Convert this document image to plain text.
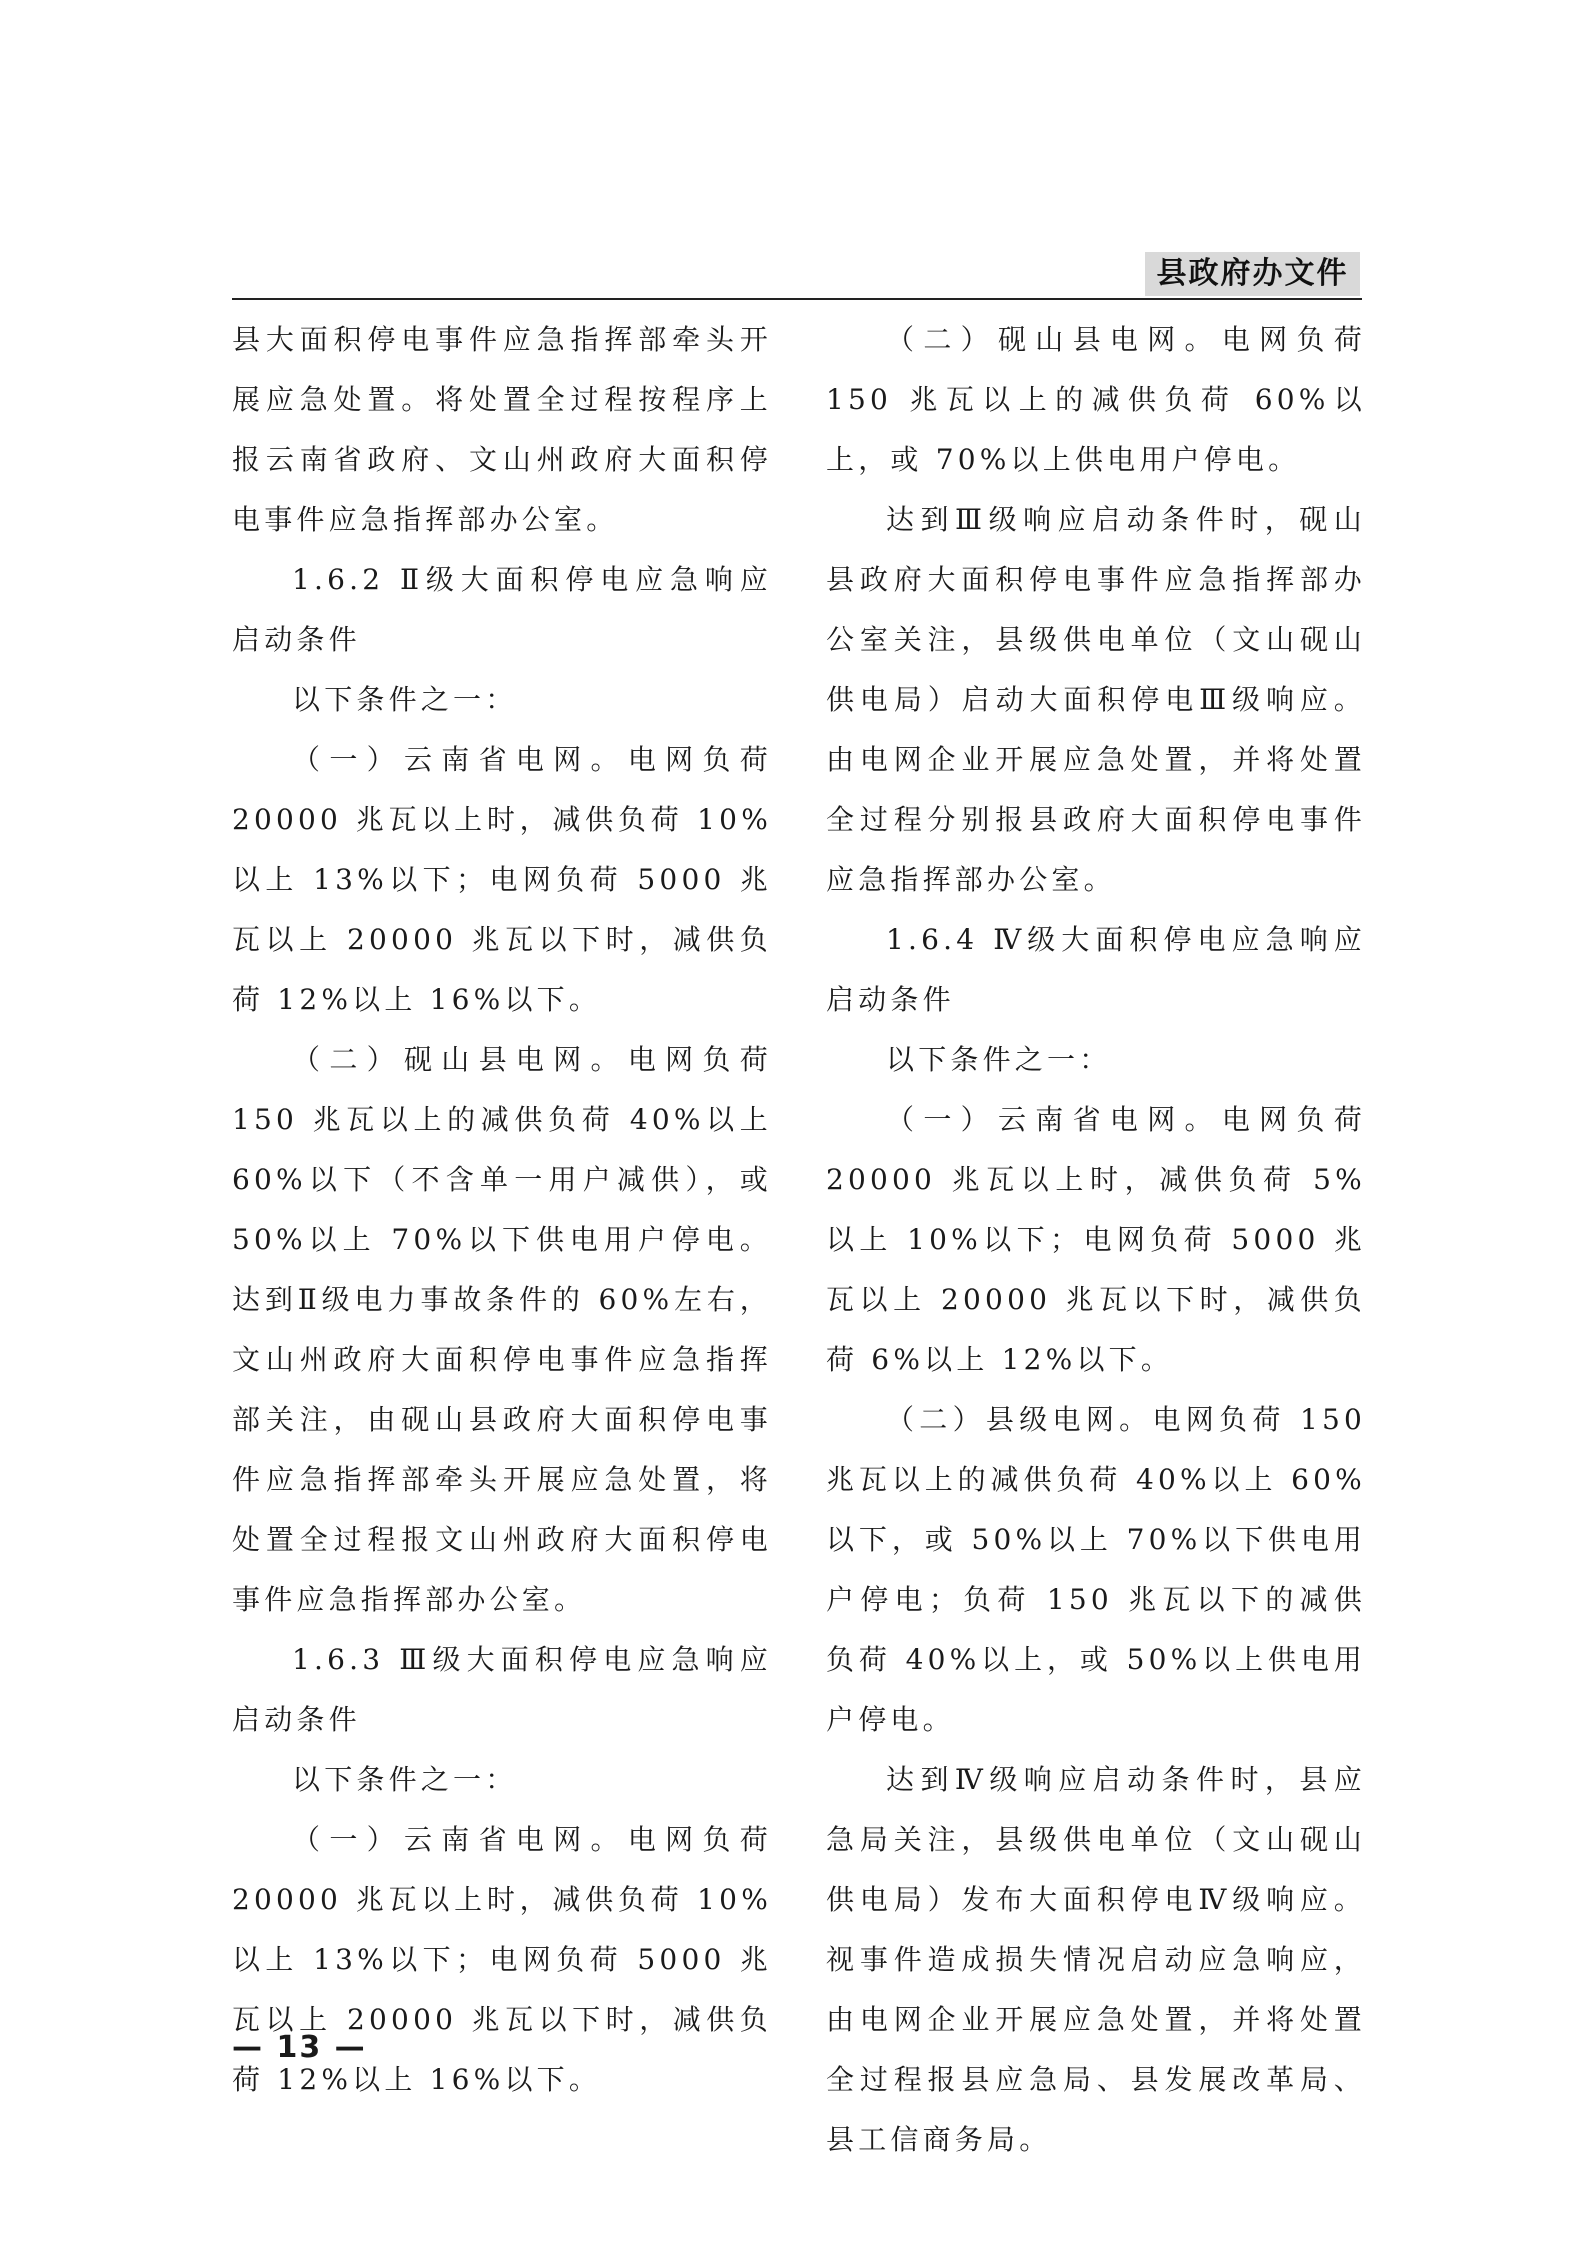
县政府办文件

县大面积停电事件应急指挥部牵头开展应急处置。将处置全过程按程序上报云南省政府、文山州政府大面积停电事件应急指挥部办公室。

1.6.2 Ⅱ级大面积停电应急响应启动条件

以下条件之一：

（一）云南省电网。电网负荷 20000 兆瓦以上时，减供负荷 10%以上 13%以下；电网负荷 5000 兆瓦以上 20000 兆瓦以下时，减供负荷 12%以上 16%以下。

（二）砚山县电网。电网负荷 150 兆瓦以上的减供负荷 40%以上 60%以下（不含单一用户减供），或 50%以上 70%以下供电用户停电。达到Ⅱ级电力事故条件的 60%左右，文山州政府大面积停电事件应急指挥部关注，由砚山县政府大面积停电事件应急指挥部牵头开展应急处置，将处置全过程报文山州政府大面积停电事件应急指挥部办公室。

1.6.3 Ⅲ级大面积停电应急响应启动条件

以下条件之一：

（一）云南省电网。电网负荷 20000 兆瓦以上时，减供负荷 10%以上 13%以下；电网负荷 5000 兆瓦以上 20000 兆瓦以下时，减供负荷 12%以上 16%以下。

（二）砚山县电网。电网负荷 150 兆瓦以上的减供负荷 60%以上，或 70%以上供电用户停电。

达到Ⅲ级响应启动条件时，砚山县政府大面积停电事件应急指挥部办公室关注，县级供电单位（文山砚山供电局）启动大面积停电Ⅲ级响应。由电网企业开展应急处置，并将处置全过程分别报县政府大面积停电事件应急指挥部办公室。

1.6.4 Ⅳ级大面积停电应急响应启动条件

以下条件之一：

（一）云南省电网。电网负荷 20000 兆瓦以上时，减供负荷 5%以上 10%以下；电网负荷 5000 兆瓦以上 20000 兆瓦以下时，减供负荷 6%以上 12%以下。

（二）县级电网。电网负荷 150 兆瓦以上的减供负荷 40%以上 60%以下，或 50%以上 70%以下供电用户停电；负荷 150 兆瓦以下的减供负荷 40%以上，或 50%以上供电用户停电。

达到Ⅳ级响应启动条件时，县应急局关注，县级供电单位（文山砚山供电局）发布大面积停电Ⅳ级响应。视事件造成损失情况启动应急响应，由电网企业开展应急处置，并将处置全过程报县应急局、县发展改革局、县工信商务局。

— 13 —
